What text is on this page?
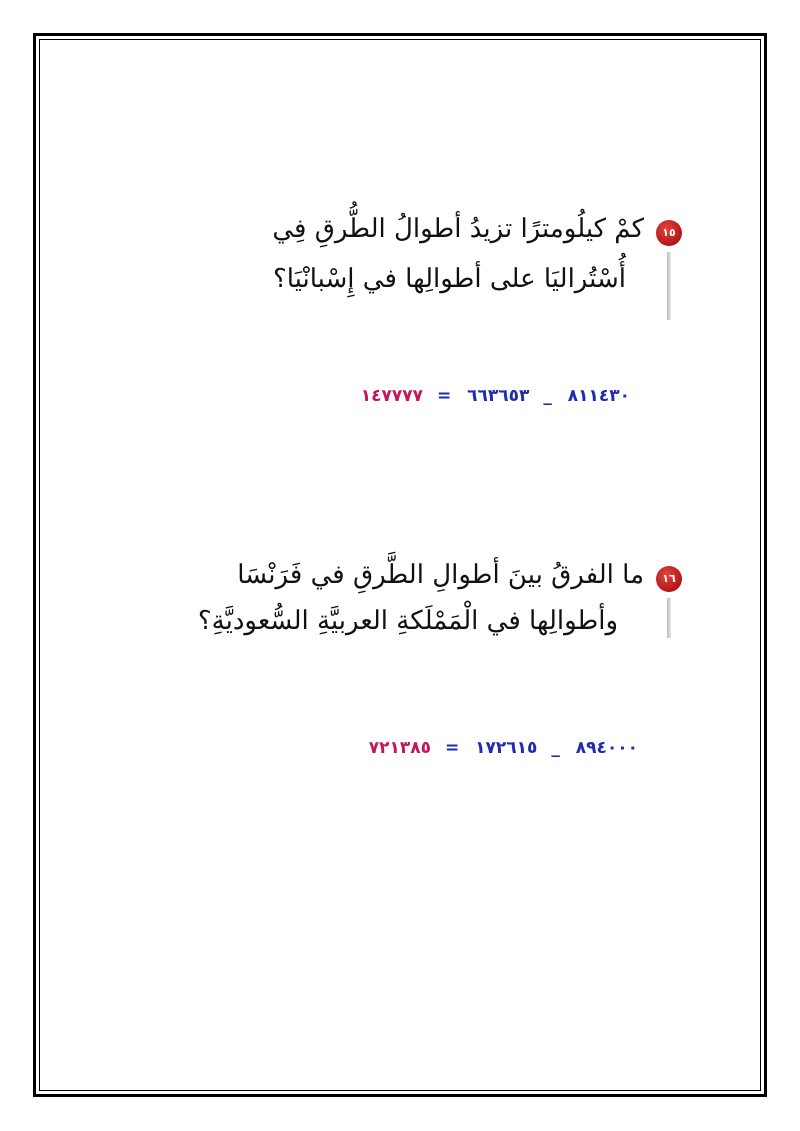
١٥
كمْ كيلُومترًا تزيدُ أطوالُ الطُّرقِ فِي
أُسْتُراليَا على أطوالِها في إِسْبانْيَا؟
٨١١٤٣٠ _ ٦٦٣٦٥٣ = ١٤٧٧٧٧
١٦
ما الفرقُ بينَ أطوالِ الطَّرقِ في فَرَنْسَا
وأطوالِها في الْمَمْلَكةِ العربيَّةِ السُّعوديَّةِ؟
٨٩٤٠٠٠ _ ١٧٢٦١٥ = ٧٢١٣٨٥
